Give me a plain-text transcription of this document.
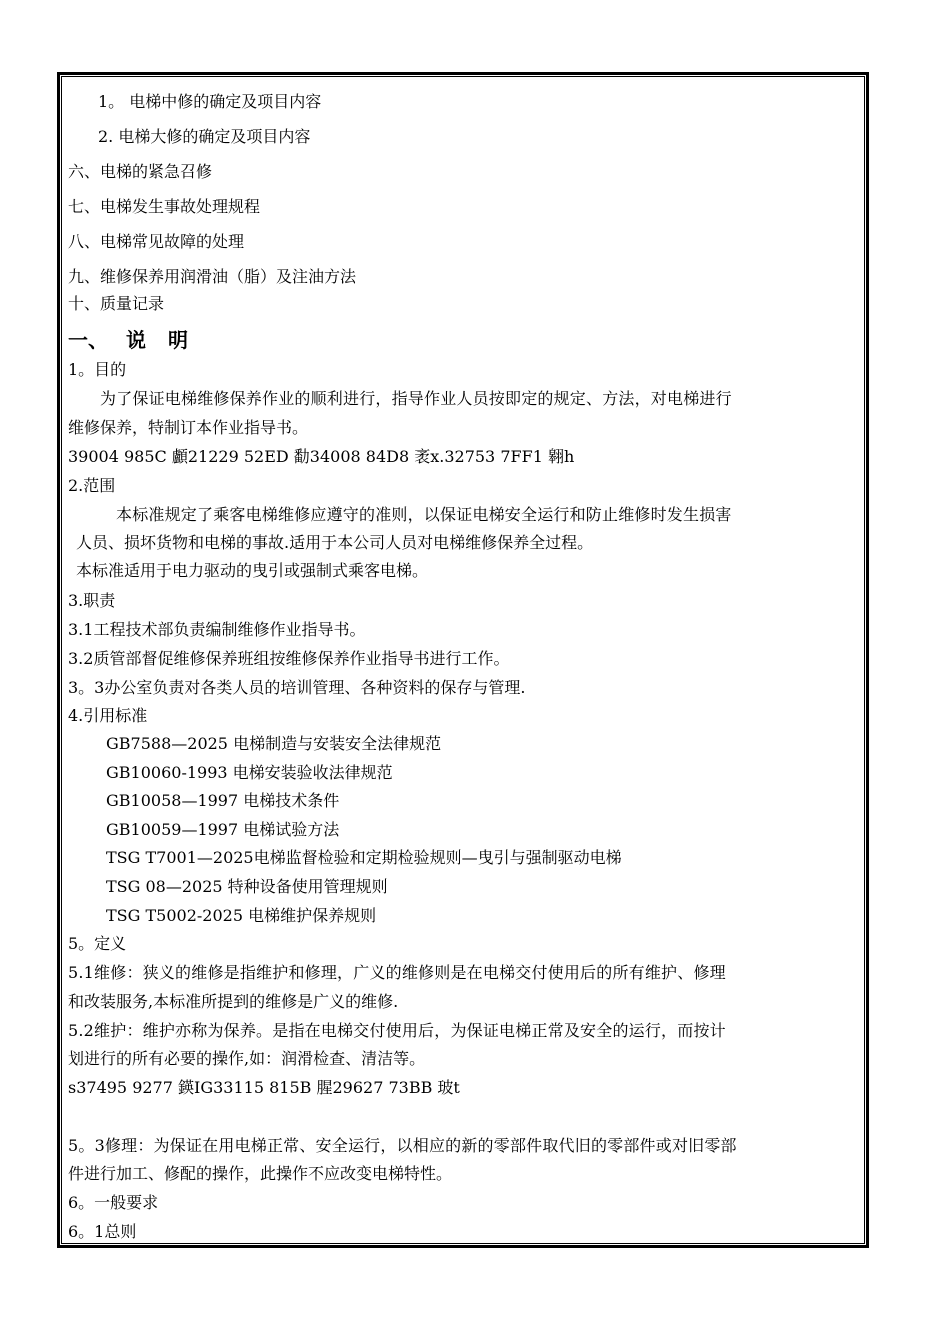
1。 电梯中修的确定及项目内容
2. 电梯大修的确定及项目内容
六、电梯的紧急召修
七、电梯发生事故处理规程
八、电梯常见故障的处理
九、维修保养用润滑油（脂）及注油方法
十、质量记录
一、 说 明
1。目的
为了保证电梯维修保养作业的顺利进行，指导作业人员按即定的规定、方法，对电梯进行
维修保养，特制订本作业指导书。
39004 985C 顱21229 52ED 勫34008 84D8 袤x.32753 7FF1 翱h
2.范围
本标准规定了乘客电梯维修应遵守的准则，以保证电梯安全运行和防止维修时发生损害
人员、损坏货物和电梯的事故.适用于本公司人员对电梯维修保养全过程。
本标准适用于电力驱动的曳引或强制式乘客电梯。
3.职责
3.1工程技术部负责编制维修作业指导书。
3.2质管部督促维修保养班组按维修保养作业指导书进行工作。
3。3办公室负责对各类人员的培训管理、各种资料的保存与管理.
4.引用标准
GB7588—2025 电梯制造与安装安全法律规范
GB10060-1993 电梯安装验收法律规范
GB10058—1997 电梯技术条件
GB10059—1997 电梯试验方法
TSG T7001—2025电梯监督检验和定期检验规则—曳引与强制驱动电梯
TSG 08—2025 特种设备使用管理规则
TSG T5002-2025 电梯维护保养规则
5。定义
5.1维修：狭义的维修是指维护和修理，广义的维修则是在电梯交付使用后的所有维护、修理
和改装服务,本标准所提到的维修是广义的维修.
5.2维护：维护亦称为保养。是指在电梯交付使用后，为保证电梯正常及安全的运行，而按计
划进行的所有必要的操作,如：润滑检查、清洁等。
s37495 9277 鍈IG33115 815B 腥29627 73BB 玻t
5。3修理：为保证在用电梯正常、安全运行，以相应的新的零部件取代旧的零部件或对旧零部
件进行加工、修配的操作，此操作不应改变电梯特性。
6。一般要求
6。1总则
